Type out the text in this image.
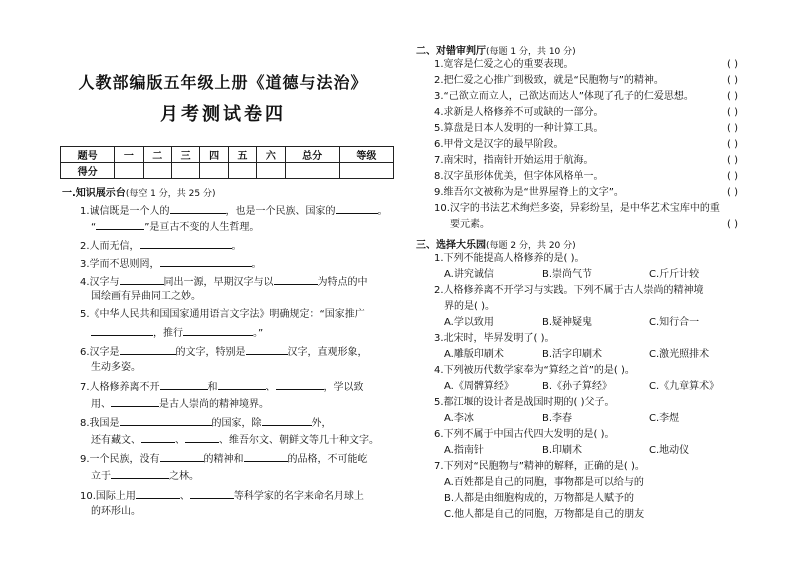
人教部编版五年级上册《道德与法治》
月考测试卷四
题号	一	二	三	四	五	六	总分	等级
得分								
一.知识展示台(每空 1 分，共 25 分)
1.诚信既是一个人的	，也是一个民族、国家的	。
“	”是亘古不变的人生哲理。
2.人而无信，	。
3.学而不思则罔，	。
4.汉字与	同出一源，早期汉字与以	为特点的中
国绘画有异曲同工之妙。
5.《中华人民共和国国家通用语言文字法》明确规定：“国家推广
，推行	。”
6.汉字是	的文字，特别是	汉字，直观形象，
生动多姿。
7.人格修养离不开	和	、	，学以致
用、	是古人崇尚的精神境界。
8.我国是	的国家，除	外，
还有藏文、	、	、维吾尔文、朝鲜文等几十种文字。
9.一个民族，没有	的精神和	的品格，不可能屹
立于	之林。
10.国际上用	、	等科学家的名字来命名月球上
的环形山。
二、对错审判厅(每题 1 分，共 10 分)
1.宽容是仁爱之心的重要表现。	( )
2.把仁爱之心推广到极致，就是“民胞物与”的精神。	( )
3.“己欲立而立人，己欲达而达人”体现了孔子的仁爱思想。	( )
4.求新是人格修养不可或缺的一部分。	( )
5.算盘是日本人发明的一种计算工具。	( )
6.甲骨文是汉字的最早阶段。	( )
7.南宋时，指南针开始运用于航海。	( )
8.汉字虽形体优美，但字体风格单一。	( )
9.维吾尔文被称为是“世界屋脊上的文字”。	( )
10.汉字的书法艺术绚烂多姿，异彩纷呈，是中华艺术宝库中的重
要元素。	( )
三、选择大乐园(每题 2 分，共 20 分)
1.下列不能提高人格修养的是( )。
A.讲究诚信	B.崇尚气节	C.斤斤计较
2.人格修养离不开学习与实践。下列不属于古人崇尚的精神境
界的是( )。
A.学以致用	B.疑神疑鬼	C.知行合一
3.北宋时，毕昇发明了( )。
A.雕版印刷术	B.活字印刷术	C.激光照排术
4.下列被历代数学家奉为“算经之首”的是( )。
A.《周髀算经》	B.《孙子算经》	C.《九章算术》
5.都江堰的设计者是战国时期的( )父子。
A.李冰	B.李春	C.李煜
6.下列不属于中国古代四大发明的是( )。
A.指南针	B.印刷术	C.地动仪
7.下列对“民胞物与”精神的解释，正确的是( )。
A.百姓都是自己的同胞，事物都是可以给与的
B.人都是由细胞构成的，万物都是人赋予的
C.他人都是自己的同胞，万物都是自己的朋友
